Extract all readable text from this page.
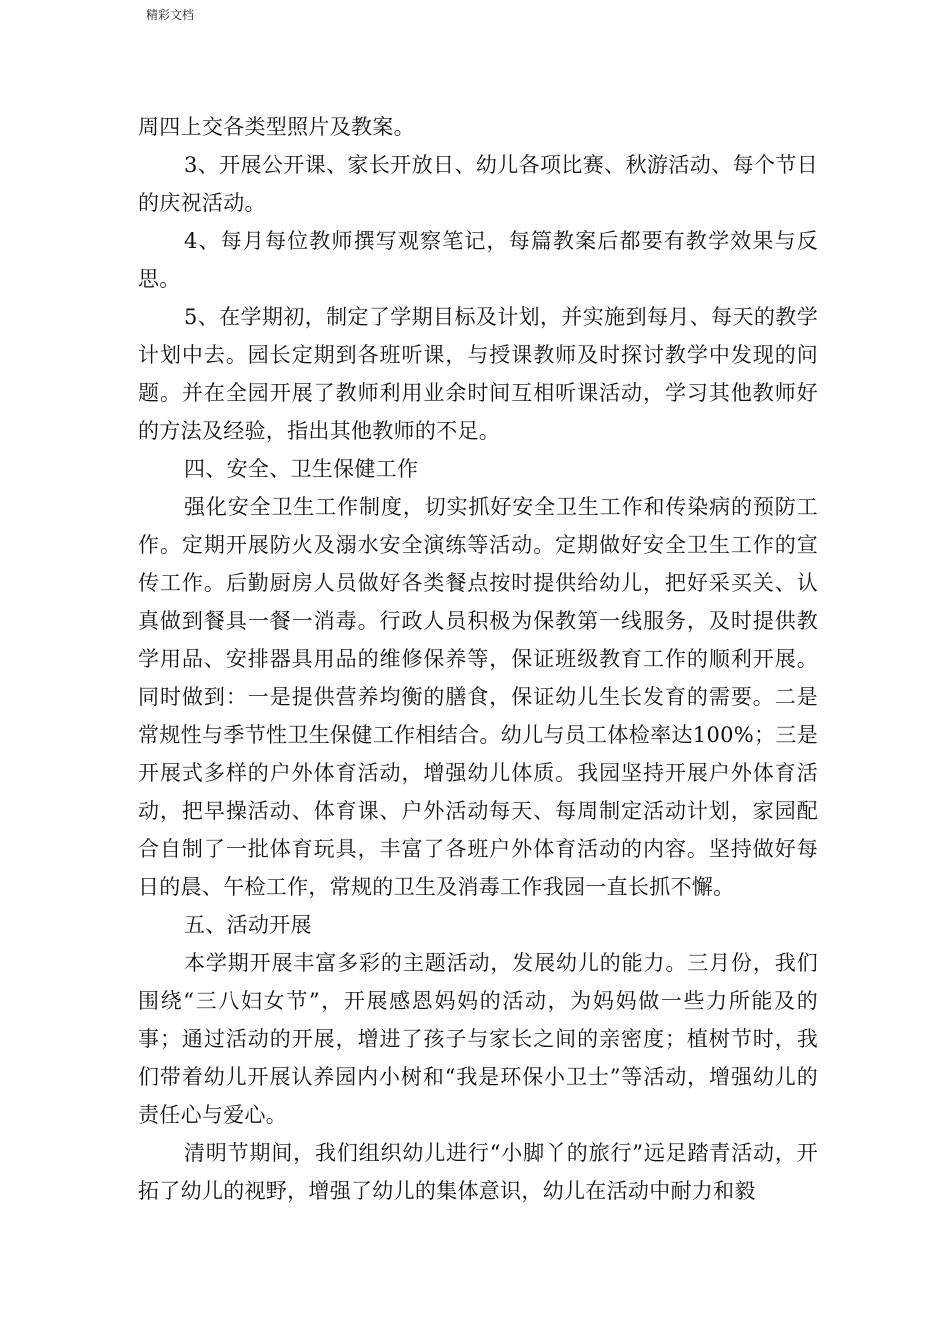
精彩文档

周四上交各类型照片及教案。

3、开展公开课、家长开放日、幼儿各项比赛、秋游活动、每个节日的庆祝活动。

4、每月每位教师撰写观察笔记，每篇教案后都要有教学效果与反思。

5、在学期初，制定了学期目标及计划，并实施到每月、每天的教学计划中去。园长定期到各班听课，与授课教师及时探讨教学中发现的问题。并在全园开展了教师利用业余时间互相听课活动，学习其他教师好的方法及经验，指出其他教师的不足。

四、安全、卫生保健工作

强化安全卫生工作制度，切实抓好安全卫生工作和传染病的预防工作。定期开展防火及溺水安全演练等活动。定期做好安全卫生工作的宣传工作。后勤厨房人员做好各类餐点按时提供给幼儿，把好采买关、认真做到餐具一餐一消毒。行政人员积极为保教第一线服务，及时提供教学用品、安排器具用品的维修保养等，保证班级教育工作的顺利开展。同时做到：一是提供营养均衡的膳食，保证幼儿生长发育的需要。二是常规性与季节性卫生保健工作相结合。幼儿与员工体检率达100%；三是开展式多样的户外体育活动，增强幼儿体质。我园坚持开展户外体育活动，把早操活动、体育课、户外活动每天、每周制定活动计划，家园配合自制了一批体育玩具，丰富了各班户外体育活动的内容。坚持做好每日的晨、午检工作，常规的卫生及消毒工作我园一直长抓不懈。

五、活动开展

本学期开展丰富多彩的主题活动，发展幼儿的能力。三月份，我们围绕“三八妇女节”，开展感恩妈妈的活动，为妈妈做一些力所能及的事；通过活动的开展，增进了孩子与家长之间的亲密度；植树节时，我们带着幼儿开展认养园内小树和“我是环保小卫士”等活动，增强幼儿的责任心与爱心。

清明节期间，我们组织幼儿进行“小脚丫的旅行”远足踏青活动，开拓了幼儿的视野，增强了幼儿的集体意识，幼儿在活动中耐力和毅
